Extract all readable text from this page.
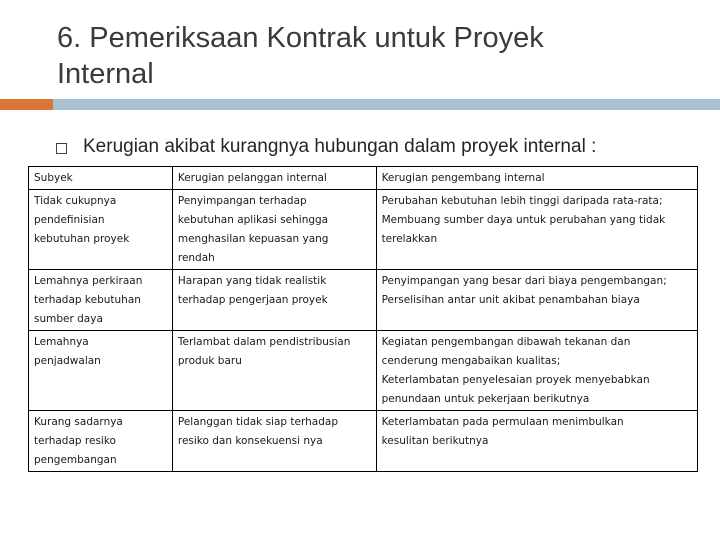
6. Pemeriksaan Kontrak untuk Proyek
Internal
Kerugian akibat kurangnya hubungan dalam proyek internal :
Subyek	Kerugian pelanggan internal	Kerugian pengembang internal

Tidak cukupnya
pendefinisian
kebutuhan proyek	Penyimpangan terhadap
kebutuhan aplikasi sehingga
menghasilan kepuasan yang
rendah	Perubahan kebutuhan lebih tinggi daripada rata-rata;
Membuang sumber daya untuk perubahan yang tidak
terelakkan

Lemahnya perkiraan
terhadap kebutuhan
sumber daya	Harapan yang tidak realistik
terhadap pengerjaan proyek	Penyimpangan yang besar dari biaya pengembangan;
Perselisihan antar unit akibat penambahan biaya

Lemahnya
penjadwalan	Terlambat dalam pendistribusian
produk baru	Kegiatan pengembangan dibawah tekanan dan
cenderung mengabaikan kualitas;
Keterlambatan penyelesaian proyek menyebabkan
penundaan untuk pekerjaan berikutnya

Kurang sadarnya
terhadap resiko
pengembangan	Pelanggan tidak siap terhadap
resiko dan konsekuensi nya	Keterlambatan pada permulaan menimbulkan
kesulitan berikutnya
